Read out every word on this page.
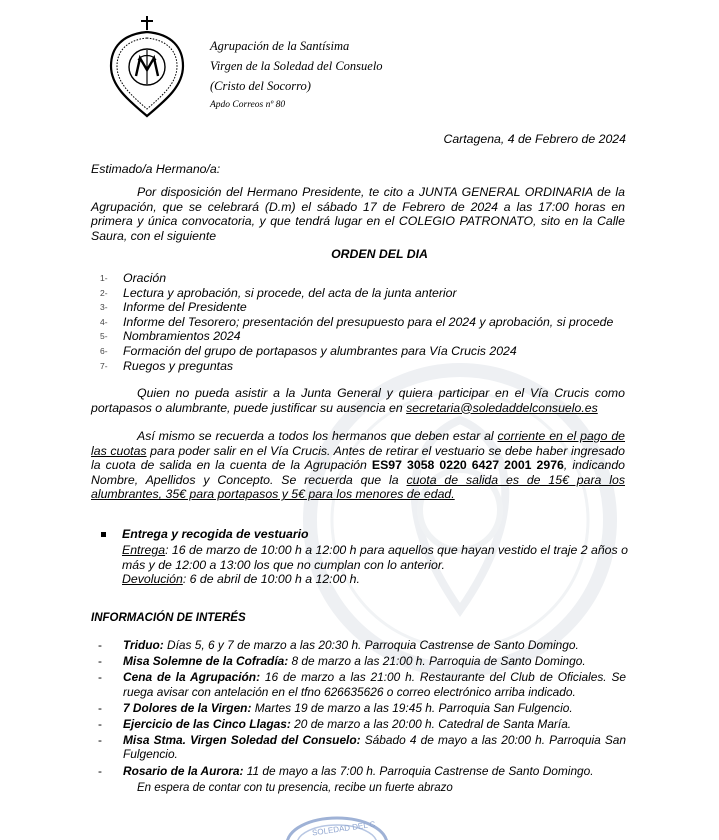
Agrupación de la Santísima
Virgen de la Soledad del Consuelo
(Cristo del Socorro)
Apdo Correos nº 80
Cartagena, 4 de Febrero de 2024
Estimado/a Hermano/a:
Por disposición del Hermano Presidente, te cito a JUNTA GENERAL ORDINARIA de la Agrupación, que se celebrará (D.m) el sábado 17 de Febrero de 2024 a las 17:00 horas en primera y única convocatoria, y que tendrá lugar en el COLEGIO PATRONATO, sito en la Calle Saura, con el siguiente
ORDEN DEL DIA
1- Oración
2- Lectura y aprobación, si procede, del acta de la junta anterior
3- Informe del Presidente
4- Informe del Tesorero; presentación del presupuesto para el 2024 y aprobación, si procede
5- Nombramientos 2024
6- Formación del grupo de portapasos y alumbrantes para Vía Crucis 2024
7- Ruegos y preguntas
Quien no pueda asistir a la Junta General y quiera participar en el Vía Crucis como portapasos o alumbrante, puede justificar su ausencia en secretaria@soledaddelconsuelo.es
Así mismo se recuerda a todos los hermanos que deben estar al corriente en el pago de las cuotas para poder salir en el Vía Crucis. Antes de retirar el vestuario se debe haber ingresado la cuota de salida en la cuenta de la Agrupación ES97 3058 0220 6427 2001 2976, indicando Nombre, Apellidos y Concepto. Se recuerda que la cuota de salida es de 15€ para los alumbrantes, 35€ para portapasos y 5€ para los menores de edad.
Entrega y recogida de vestuario
Entrega: 16 de marzo de 10:00 h a 12:00 h para aquellos que hayan vestido el traje 2 años o más y de 12:00 a 13:00 los que no cumplan con lo anterior.
Devolución: 6 de abril de 10:00 h a 12:00 h.
INFORMACIÓN DE INTERÉS
- Triduo: Días 5, 6 y 7 de marzo a las 20:30 h. Parroquia Castrense de Santo Domingo.
- Misa Solemne de la Cofradía: 8 de marzo a las 21:00 h. Parroquia de Santo Domingo.
- Cena de la Agrupación: 16 de marzo a las 21:00 h. Restaurante del Club de Oficiales. Se ruega avisar con antelación en el tfno 626635626 o correo electrónico arriba indicado.
- 7 Dolores de la Virgen: Martes 19 de marzo a las 19:45 h. Parroquia San Fulgencio.
- Ejercicio de las Cinco Llagas: 20 de marzo a las 20:00 h. Catedral de Santa María.
- Misa Stma. Virgen Soledad del Consuelo: Sábado 4 de mayo a las 20:00 h. Parroquia San Fulgencio.
- Rosario de la Aurora: 11 de mayo a las 7:00 h. Parroquia Castrense de Santo Domingo.
En espera de contar con tu presencia, recibe un fuerte abrazo
SOLEDAD DEL C
